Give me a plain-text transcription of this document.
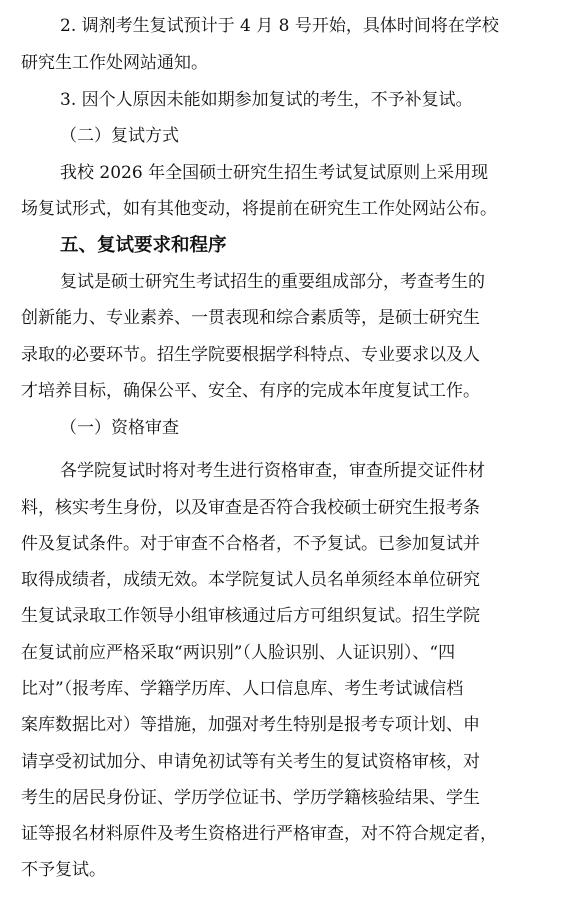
2. 调剂考生复试预计于 4 月 8 号开始，具体时间将在学校
研究生工作处网站通知。
3. 因个人原因未能如期参加复试的考生，不予补复试。
（二）复试方式
我校 2026 年全国硕士研究生招生考试复试原则上采用现
场复试形式，如有其他变动，将提前在研究生工作处网站公布。
五、复试要求和程序
复试是硕士研究生考试招生的重要组成部分，考查考生的
创新能力、专业素养、一贯表现和综合素质等，是硕士研究生
录取的必要环节。招生学院要根据学科特点、专业要求以及人
才培养目标，确保公平、安全、有序的完成本年度复试工作。
（一）资格审查
各学院复试时将对考生进行资格审查，审查所提交证件材
料，核实考生身份，以及审查是否符合我校硕士研究生报考条
件及复试条件。对于审查不合格者，不予复试。已参加复试并
取得成绩者，成绩无效。本学院复试人员名单须经本单位研究
生复试录取工作领导小组审核通过后方可组织复试。招生学院
在复试前应严格采取“两识别”（人脸识别、人证识别）、“四
比对”（报考库、学籍学历库、人口信息库、考生考试诚信档
案库数据比对）等措施，加强对考生特别是报考专项计划、申
请享受初试加分、申请免初试等有关考生的复试资格审核，对
考生的居民身份证、学历学位证书、学历学籍核验结果、学生
证等报名材料原件及考生资格进行严格审查，对不符合规定者，
不予复试。
